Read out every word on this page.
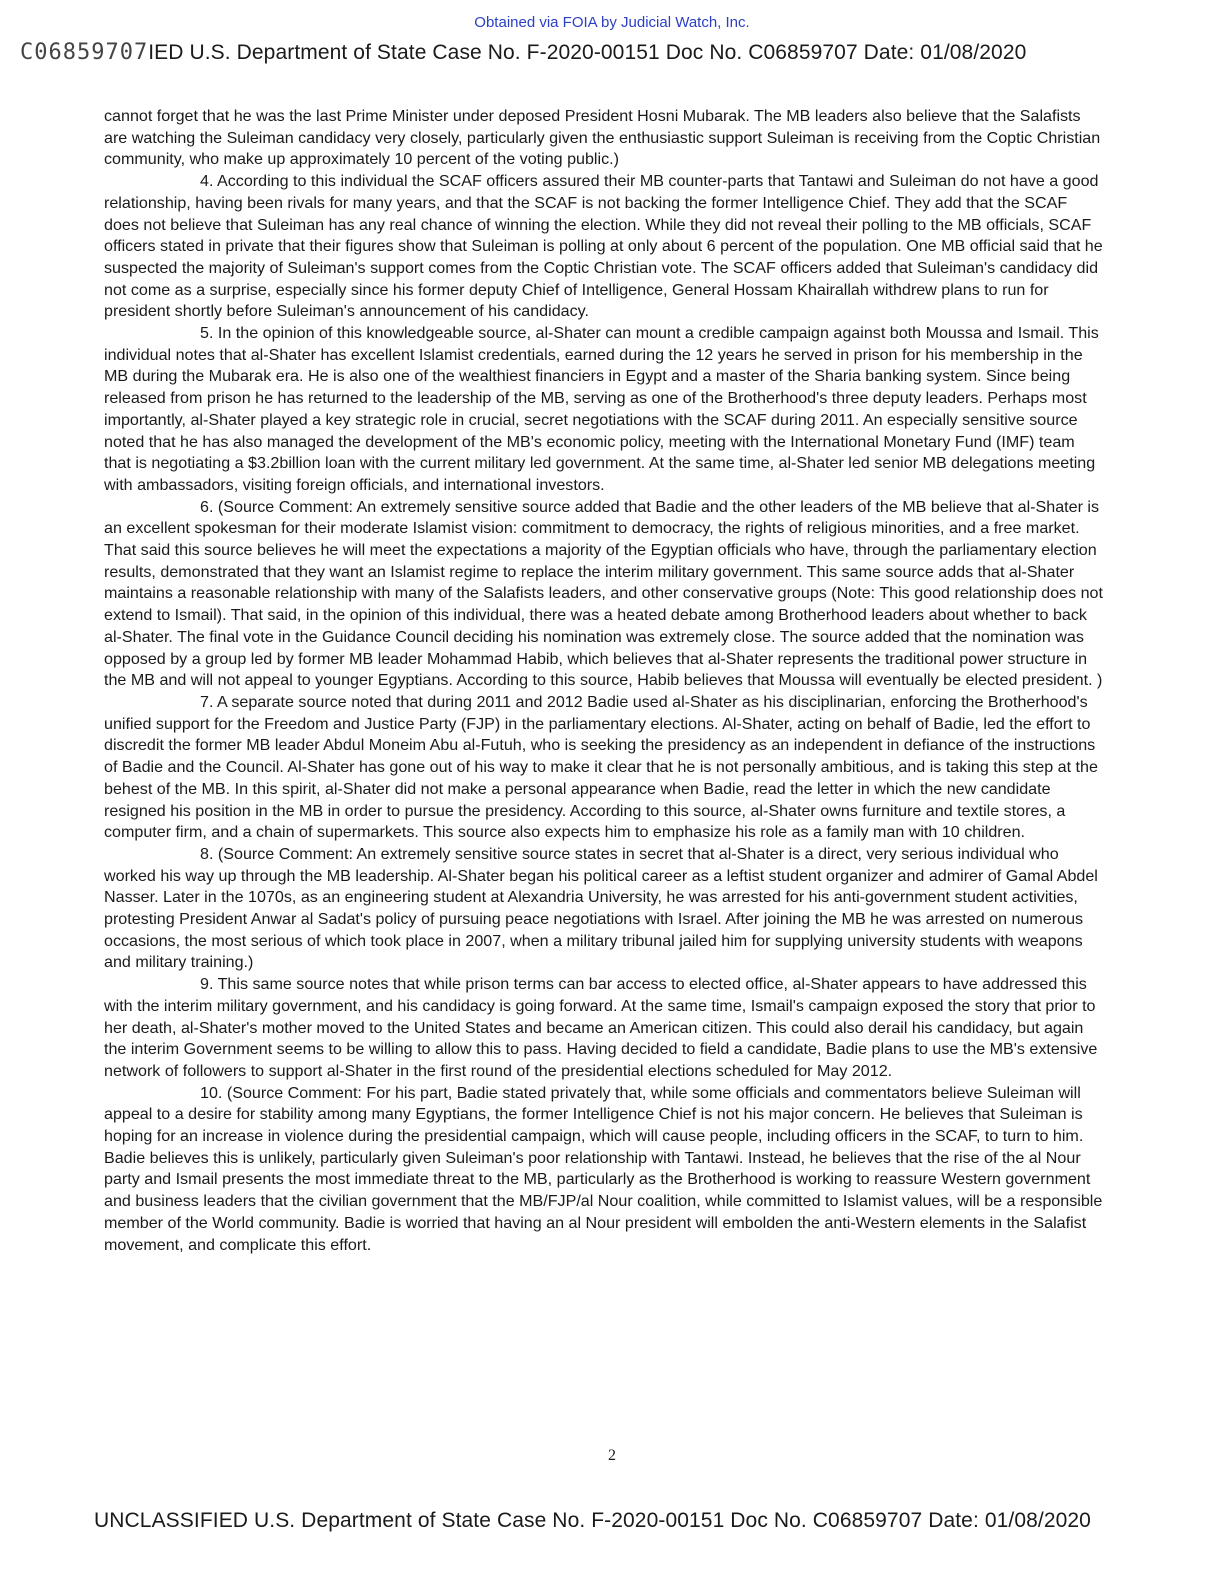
Obtained via FOIA by Judicial Watch, Inc.
C06859707IED U.S. Department of State Case No. F-2020-00151 Doc No. C06859707 Date: 01/08/2020

cannot forget that he was the last Prime Minister under deposed President Hosni Mubarak. The MB leaders also believe that the Salafists are watching the Suleiman candidacy very closely, particularly given the enthusiastic support Suleiman is receiving from the Coptic Christian community, who make up approximately 10 percent of the voting public.)

4. According to this individual the SCAF officers assured their MB counter-parts that Tantawi and Suleiman do not have a good relationship, having been rivals for many years, and that the SCAF is not backing the former Intelligence Chief. They add that the SCAF does not believe that Suleiman has any real chance of winning the election. While they did not reveal their polling to the MB officials, SCAF officers stated in private that their figures show that Suleiman is polling at only about 6 percent of the population. One MB official said that he suspected the majority of Suleiman's support comes from the Coptic Christian vote. The SCAF officers added that Suleiman's candidacy did not come as a surprise, especially since his former deputy Chief of Intelligence, General Hossam Khairallah withdrew plans to run for president shortly before Suleiman's announcement of his candidacy.

5. In the opinion of this knowledgeable source, al-Shater can mount a credible campaign against both Moussa and Ismail. This individual notes that al-Shater has excellent Islamist credentials, earned during the 12 years he served in prison for his membership in the MB during the Mubarak era. He is also one of the wealthiest financiers in Egypt and a master of the Sharia banking system. Since being released from prison he has returned to the leadership of the MB, serving as one of the Brotherhood's three deputy leaders. Perhaps most importantly, al-Shater played a key strategic role in crucial, secret negotiations with the SCAF during 2011. An especially sensitive source noted that he has also managed the development of the MB's economic policy, meeting with the International Monetary Fund (IMF) team that is negotiating a $3.2billion loan with the current military led government. At the same time, al-Shater led senior MB delegations meeting with ambassadors, visiting foreign officials, and international investors.

6. (Source Comment: An extremely sensitive source added that Badie and the other leaders of the MB believe that al-Shater is an excellent spokesman for their moderate Islamist vision: commitment to democracy, the rights of religious minorities, and a free market. That said this source believes he will meet the expectations a majority of the Egyptian officials who have, through the parliamentary election results, demonstrated that they want an Islamist regime to replace the interim military government. This same source adds that al-Shater maintains a reasonable relationship with many of the Salafists leaders, and other conservative groups (Note: This good relationship does not extend to Ismail). That said, in the opinion of this individual, there was a heated debate among Brotherhood leaders about whether to back al-Shater. The final vote in the Guidance Council deciding his nomination was extremely close. The source added that the nomination was opposed by a group led by former MB leader Mohammad Habib, which believes that al-Shater represents the traditional power structure in the MB and will not appeal to younger Egyptians. According to this source, Habib believes that Moussa will eventually be elected president. )

7. A separate source noted that during 2011 and 2012 Badie used al-Shater as his disciplinarian, enforcing the Brotherhood's unified support for the Freedom and Justice Party (FJP) in the parliamentary elections. Al-Shater, acting on behalf of Badie, led the effort to discredit the former MB leader Abdul Moneim Abu al-Futuh, who is seeking the presidency as an independent in defiance of the instructions of Badie and the Council. Al-Shater has gone out of his way to make it clear that he is not personally ambitious, and is taking this step at the behest of the MB. In this spirit, al-Shater did not make a personal appearance when Badie, read the letter in which the new candidate resigned his position in the MB in order to pursue the presidency. According to this source, al-Shater owns furniture and textile stores, a computer firm, and a chain of supermarkets. This source also expects him to emphasize his role as a family man with 10 children.

8. (Source Comment: An extremely sensitive source states in secret that al-Shater is a direct, very serious individual who worked his way up through the MB leadership. Al-Shater began his political career as a leftist student organizer and admirer of Gamal Abdel Nasser. Later in the 1070s, as an engineering student at Alexandria University, he was arrested for his anti-government student activities, protesting President Anwar al Sadat's policy of pursuing peace negotiations with Israel. After joining the MB he was arrested on numerous occasions, the most serious of which took place in 2007, when a military tribunal jailed him for supplying university students with weapons and military training.)

9. This same source notes that while prison terms can bar access to elected office, al-Shater appears to have addressed this with the interim military government, and his candidacy is going forward. At the same time, Ismail's campaign exposed the story that prior to her death, al-Shater's mother moved to the United States and became an American citizen. This could also derail his candidacy, but again the interim Government seems to be willing to allow this to pass. Having decided to field a candidate, Badie plans to use the MB's extensive network of followers to support al-Shater in the first round of the presidential elections scheduled for May 2012.

10. (Source Comment: For his part, Badie stated privately that, while some officials and commentators believe Suleiman will appeal to a desire for stability among many Egyptians, the former Intelligence Chief is not his major concern. He believes that Suleiman is hoping for an increase in violence during the presidential campaign, which will cause people, including officers in the SCAF, to turn to him. Badie believes this is unlikely, particularly given Suleiman's poor relationship with Tantawi. Instead, he believes that the rise of the al Nour party and Ismail presents the most immediate threat to the MB, particularly as the Brotherhood is working to reassure Western government and business leaders that the civilian government that the MB/FJP/al Nour coalition, while committed to Islamist values, will be a responsible member of the World community. Badie is worried that having an al Nour president will embolden the anti-Western elements in the Salafist movement, and complicate this effort.

2
UNCLASSIFIED U.S. Department of State Case No. F-2020-00151 Doc No. C06859707 Date: 01/08/2020
